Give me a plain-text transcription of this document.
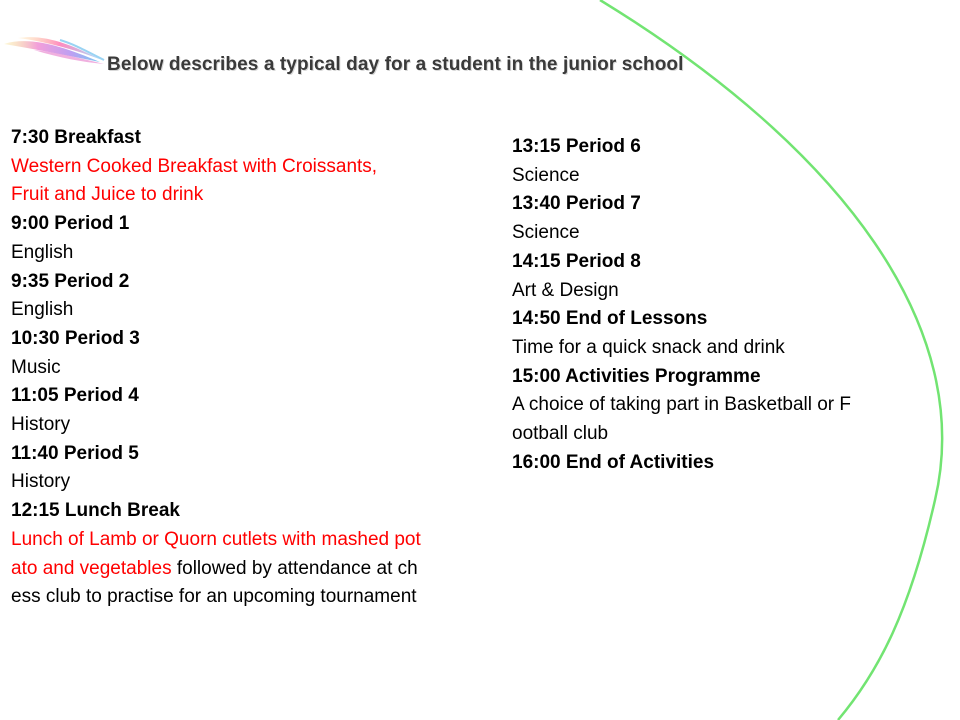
Below describes a typical day for a student in the junior school
7:30 Breakfast
Western Cooked Breakfast with Croissants,
Fruit and Juice to drink
9:00 Period 1
English
9:35 Period 2
English
10:30 Period 3
Music
11:05 Period 4
History
11:40 Period 5
History
12:15 Lunch Break
Lunch of Lamb or Quorn cutlets with mashed pot
ato and vegetables followed by attendance at ch
ess club to practise for an upcoming tournament
13:15 Period 6
Science
13:40 Period 7
Science
14:15 Period 8
Art & Design
14:50 End of Lessons
Time for a quick snack and drink
15:00 Activities Programme
A choice of taking part in Basketball or F
ootball club
16:00 End of Activities
